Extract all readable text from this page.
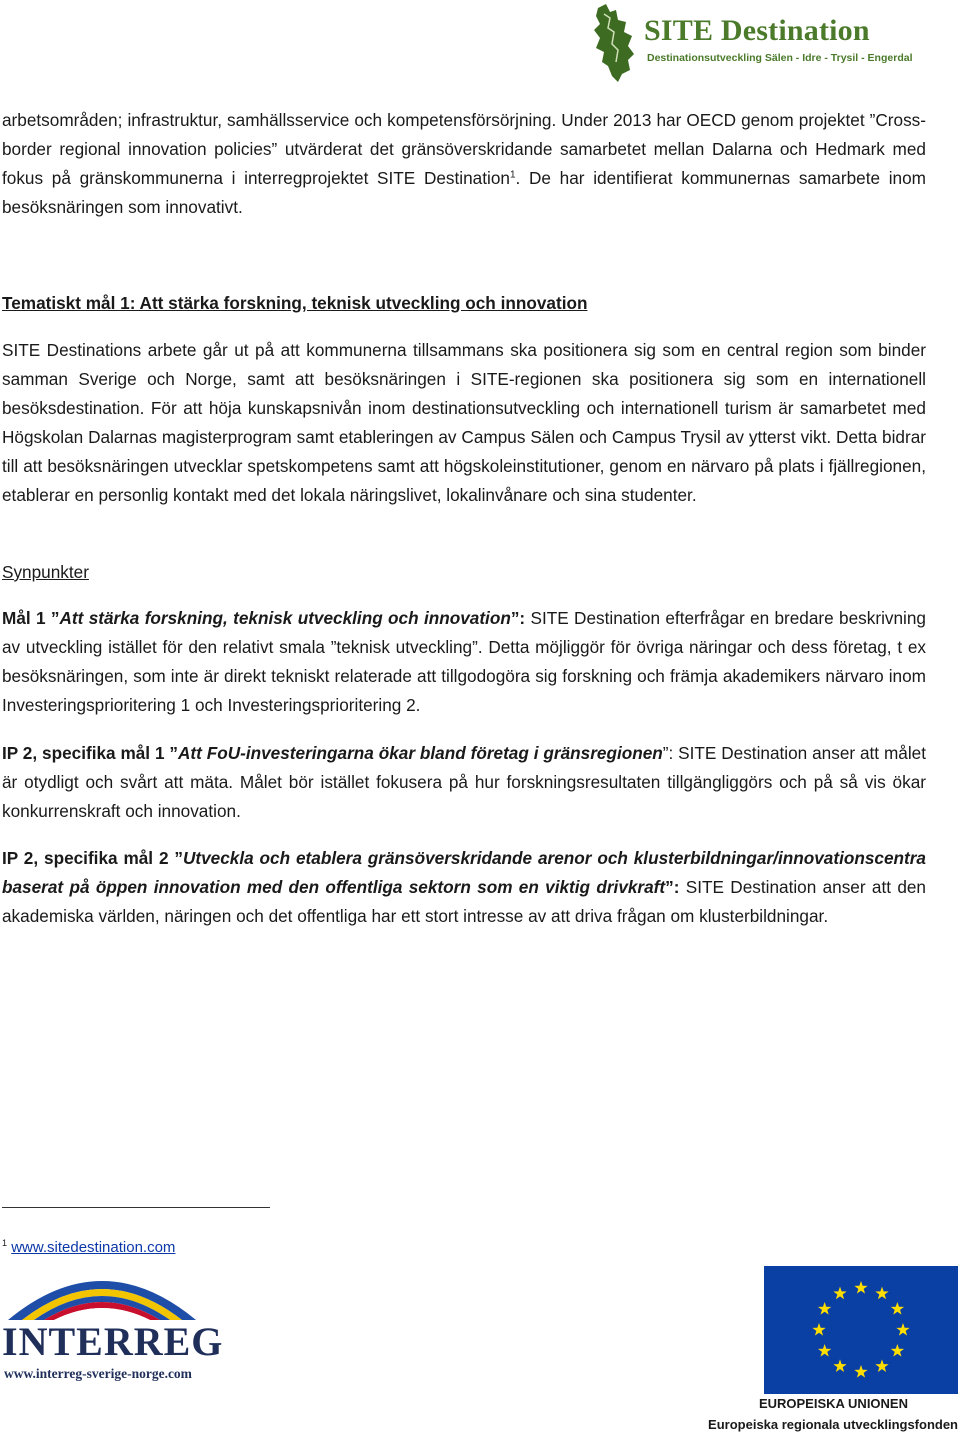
SITE Destination
Destinationsutveckling Sälen - Idre - Trysil - Engerdal
arbetsområden; infrastruktur, samhällsservice och kompetensförsörjning. Under 2013 har OECD genom projektet ”Cross-border regional innovation policies” utvärderat det gränsöverskridande samarbetet mellan Dalarna och Hedmark med fokus på gränskommunerna i interregprojektet SITE Destination$^1$. De har identifierat kommunernas samarbete inom besöksnäringen som innovativt.
Tematiskt mål 1: Att stärka forskning, teknisk utveckling och innovation
SITE Destinations arbete går ut på att kommunerna tillsammans ska positionera sig som en central region som binder samman Sverige och Norge, samt att besöksnäringen i SITE-regionen ska positionera sig som en internationell besöksdestination. För att höja kunskapsnivån inom destinationsutveckling och internationell turism är samarbetet med Högskolan Dalarnas magisterprogram samt etableringen av Campus Sälen och Campus Trysil av ytterst vikt. Detta bidrar till att besöksnäringen utvecklar spetskompetens samt att högskoleinstitutioner, genom en närvaro på plats i fjällregionen, etablerar en personlig kontakt med det lokala näringslivet, lokalinvånare och sina studenter.
Synpunkter
Mål 1 ”Att stärka forskning, teknisk utveckling och innovation”: SITE Destination efterfrågar en bredare beskrivning av utveckling istället för den relativt smala ”teknisk utveckling”. Detta möjliggör för övriga näringar och dess företag, t ex besöksnäringen, som inte är direkt tekniskt relaterade att tillgodogöra sig forskning och främja akademikers närvaro inom Investeringsprioritering 1 och Investeringsprioritering 2.
IP 2, specifika mål 1 ”Att FoU-investeringarna ökar bland företag i gränsregionen”: SITE Destination anser att målet är otydligt och svårt att mäta. Målet bör istället fokusera på hur forskningsresultaten tillgängliggörs och på så vis ökar konkurrenskraft och innovation.
IP 2, specifika mål 2 ”Utveckla och etablera gränsöverskridande arenor och klusterbildningar/innovationscentra baserat på öppen innovation med den offentliga sektorn som en viktig drivkraft”: SITE Destination anser att den akademiska världen, näringen och det offentliga har ett stort intresse av att driva frågan om klusterbildningar.
$^1$ www.sitedestination.com
INTERREG
www.interreg-sverige-norge.com
EUROPEISKA UNIONEN
Europeiska regionala utvecklingsfonden
